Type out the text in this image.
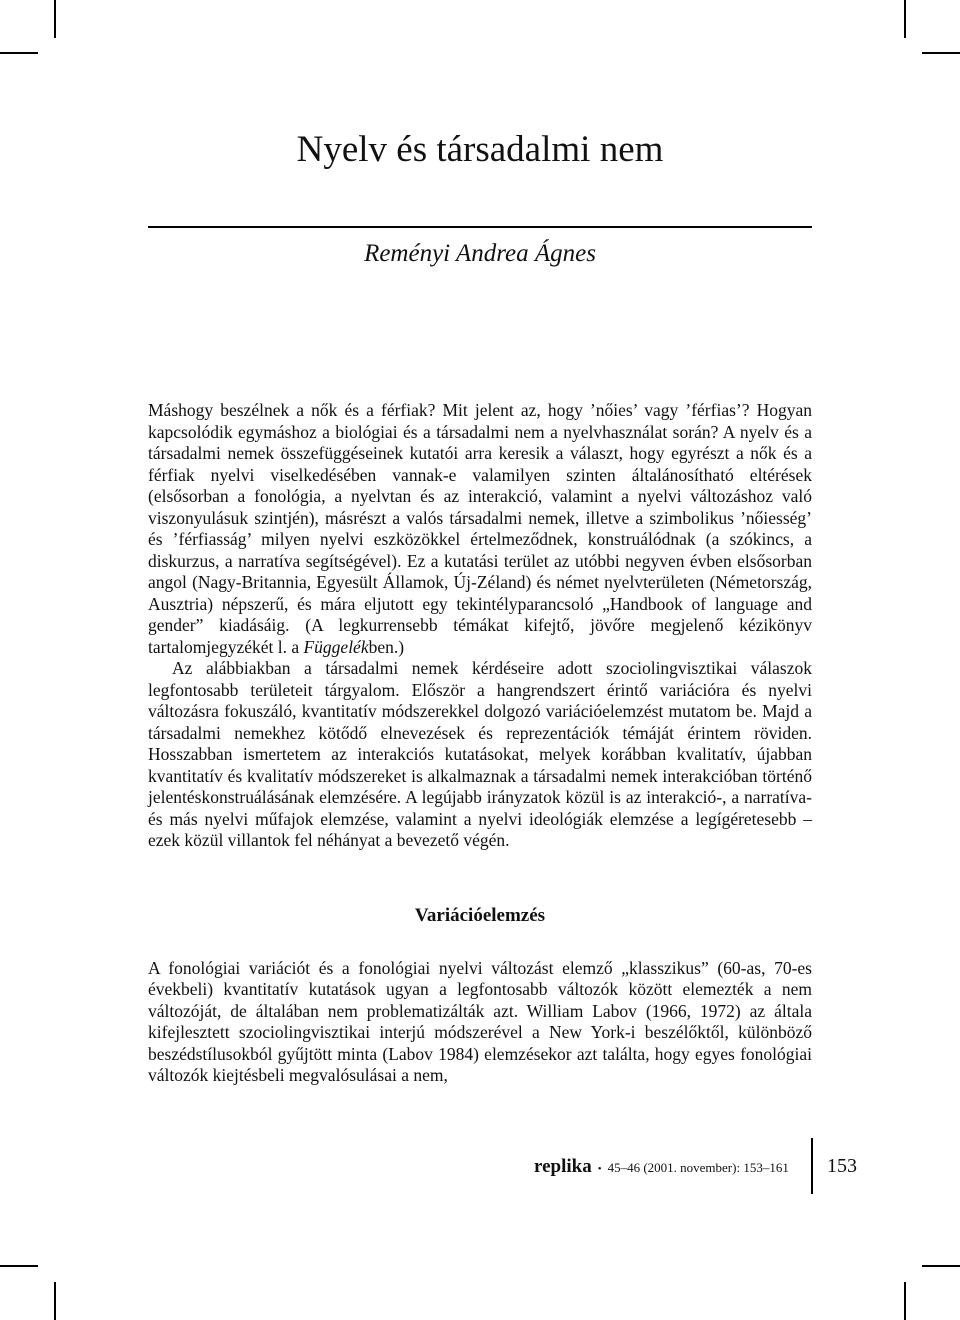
Nyelv és társadalmi nem
Reményi Andrea Ágnes

Máshogy beszélnek a nők és a férfiak? Mit jelent az, hogy ’nőies’ vagy ’férfias’? Hogyan kapcsolódik egymáshoz a biológiai és a társadalmi nem a nyelvhasználat során? A nyelv és a társadalmi nemek összefüggéseinek kutatói arra keresik a választ, hogy egyrészt a nők és a férfiak nyelvi viselkedésében vannak-e valamilyen szinten általánosítható eltérések (elsősorban a fonológia, a nyelvtan és az interakció, valamint a nyelvi változáshoz való viszonyulásuk szintjén), másrészt a valós társadalmi nemek, illetve a szimbolikus ’nőiesség’ és ’férfiasság’ milyen nyelvi eszközökkel értelmeződnek, konstruálódnak (a szókincs, a diskurzus, a narratíva segítségével). Ez a kutatási terület az utóbbi negyven évben elsősorban angol (Nagy-Britannia, Egyesült Államok, Új-Zéland) és német nyelvterületen (Németország, Ausztria) népszerű, és mára eljutott egy tekintélyparancsoló „Handbook of language and gender” kiadásáig. (A legkurrensebb témákat kifejtő, jövőre megjelenő kézikönyv tartalomjegyzékét l. a Függelékben.)

Az alábbiakban a társadalmi nemek kérdéseire adott szociolingvisztikai válaszok legfontosabb területeit tárgyalom. Először a hangrendszert érintő variációra és nyelvi változásra fokuszáló, kvantitatív módszerekkel dolgozó variációelemzést mutatom be. Majd a társadalmi nemekhez kötődő elnevezések és reprezentációk témáját érintem röviden. Hosszabban ismertetem az interakciós kutatásokat, melyek korábban kvalitatív, újabban kvantitatív és kvalitatív módszereket is alkalmaznak a társadalmi nemek interakcióban történő jelentéskonstruálásának elemzésére. A legújabb irányzatok közül is az interakció-, a narratíva- és más nyelvi műfajok elemzése, valamint a nyelvi ideológiák elemzése a legígéretesebb – ezek közül villantok fel néhányat a bevezető végén.

Variációelemzés

A fonológiai variációt és a fonológiai nyelvi változást elemző „klasszikus” (60-as, 70-es évekbeli) kvantitatív kutatások ugyan a legfontosabb változók között elemezték a nem változóját, de általában nem problematizálták azt. William Labov (1966, 1972) az általa kifejlesztett szociolingvisztikai interjú módszerével a New York-i beszélőktől, különböző beszédstílusokból gyűjtött minta (Labov 1984) elemzésekor azt találta, hogy egyes fonológiai változók kiejtésbeli megvalósulásai a nem,

replika • 45–46 (2001. november): 153–161 153
